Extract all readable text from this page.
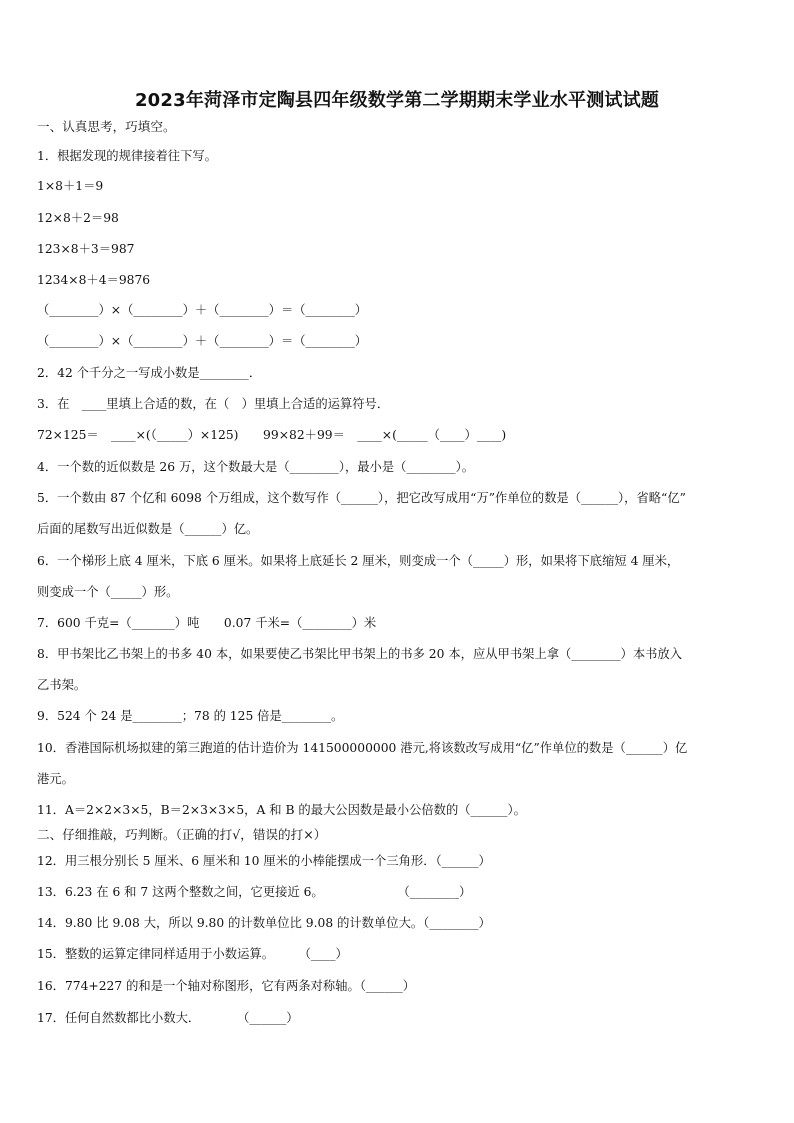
2023年菏泽市定陶县四年级数学第二学期期末学业水平测试试题
一、认真思考，巧填空。
1．根据发现的规律接着往下写。
1×8＋1＝9
12×8＋2＝98
123×8＋3＝987
1234×8＋4＝9876
（________）×（________）＋（________）＝（________）
（________）×（________）＋（________）＝（________）
2．42 个千分之一写成小数是________．
3．在　____里填上合适的数，在（　）里填上合适的运算符号．
72×125＝　____×(（_____）×125)　　99×82＋99＝　____×(_____（____）____)
4．一个数的近似数是 26 万，这个数最大是（________），最小是（________）。
5．一个数由 87 个亿和 6098 个万组成，这个数写作（______），把它改写成用“万”作单位的数是（______），省略“亿”
后面的尾数写出近似数是（______）亿。
6．一个梯形上底 4 厘米，下底 6 厘米。如果将上底延长 2 厘米，则变成一个（_____）形，如果将下底缩短 4 厘米，
则变成一个（_____）形。
7．600 千克=（_______）吨　　0.07 千米=（________）米
8．甲书架比乙书架上的书多 40 本，如果要使乙书架比甲书架上的书多 20 本，应从甲书架上拿（________）本书放入
乙书架。
9．524 个 24 是________；78 的 125 倍是________。
10．香港国际机场拟建的第三跑道的估计造价为 141500000000 港元,将该数改写成用“亿”作单位的数是（______）亿
港元。
11．A＝2×2×3×5，B＝2×3×3×5，A 和 B 的最大公因数是最小公倍数的（______）。
二、仔细推敲，巧判断。（正确的打√，错误的打×）
12．用三根分别长 5 厘米、6 厘米和 10 厘米的小棒能摆成一个三角形．（______）
13．6.23 在 6 和 7 这两个整数之间，它更接近 6。　　　　　　　（________）
14．9.80 比 9.08 大，所以 9.80 的计数单位比 9.08 的计数单位大。（________）
15．整数的运算定律同样适用于小数运算。　　　（____）
16．774+227 的和是一个轴对称图形，它有两条对称轴。（______）
17．任何自然数都比小数大．　　　　（______）
